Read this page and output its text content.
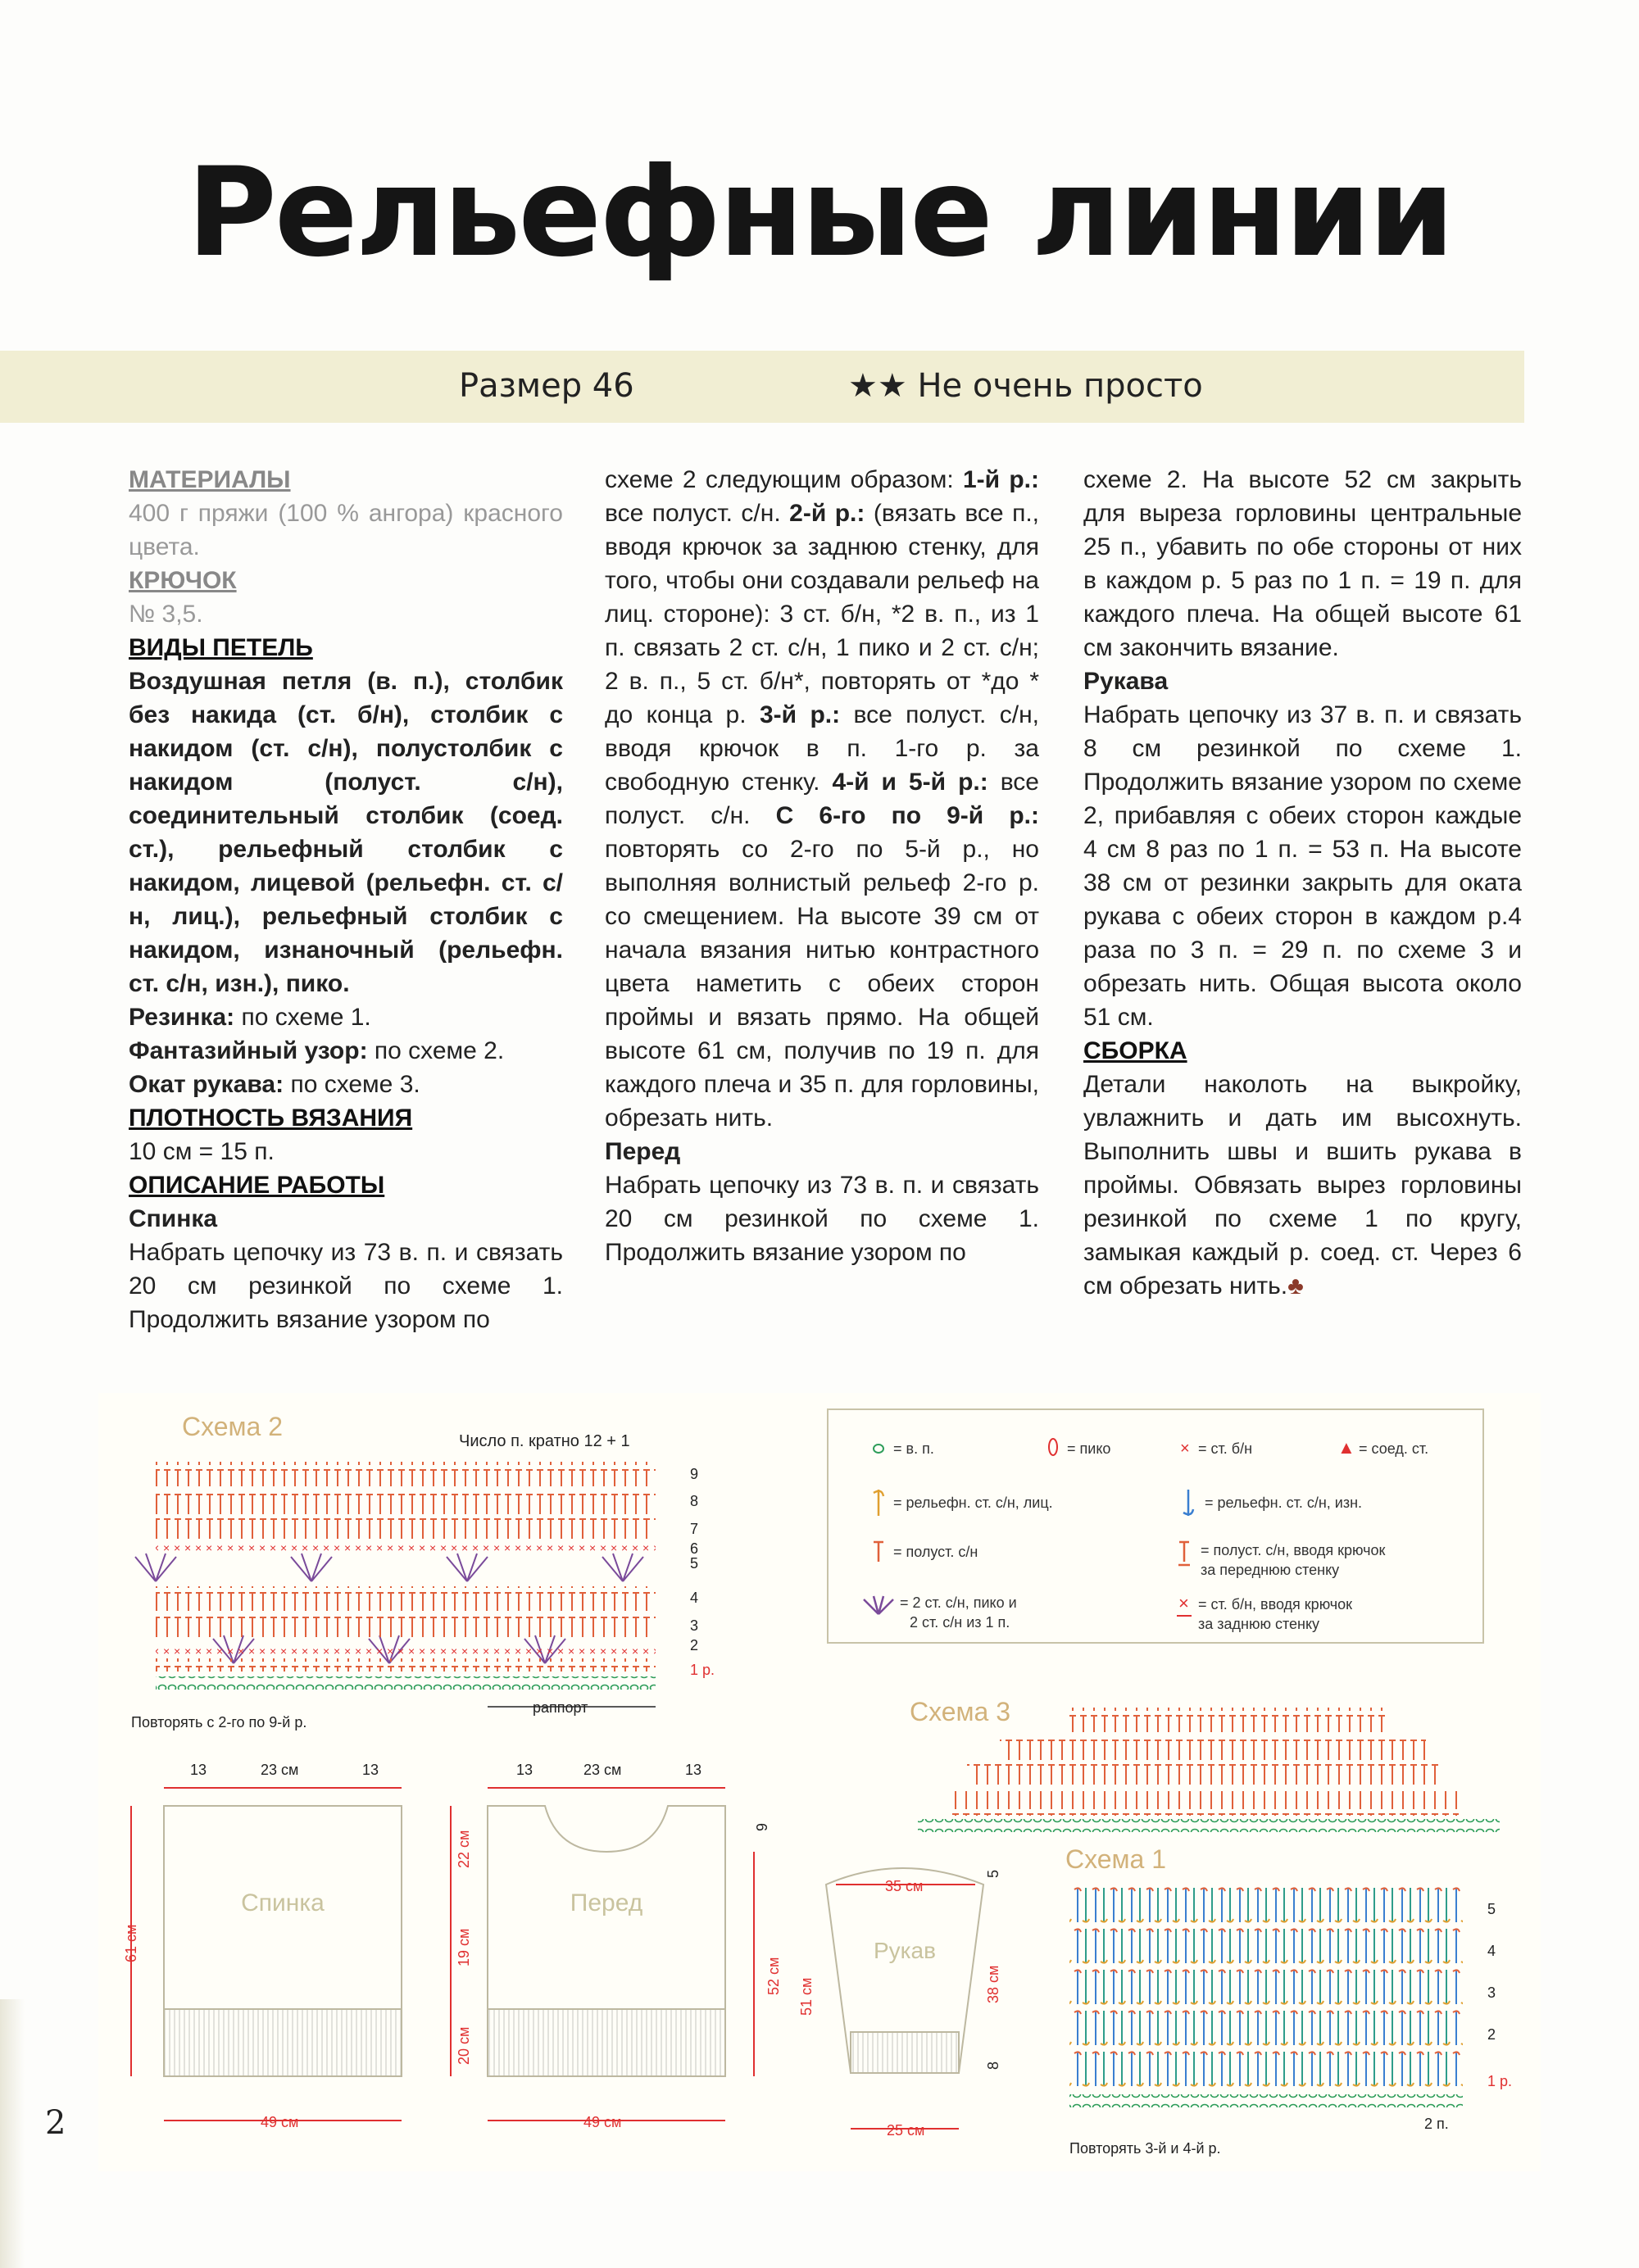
Рельефные линии
Размер 46	★★ Не очень просто

МАТЕРИАЛЫ

400 г пряжи (100 % ангора) красного цвета.

КРЮЧОК

№ 3,5.

ВИДЫ ПЕТЕЛЬ

Воздушная петля (в. п.), столбик без накида (ст. б/н), столбик с накидом (ст. с/н), полустолбик с накидом (полуст. с/н), соединительный столбик (соед. ст.), рельефный столбик с накидом, лицевой (рельефн. ст. с/н, лиц.), рельефный столбик с накидом, изнаночный (рельефн. ст. с/н, изн.), пико.

Резинка: по схеме 1.

Фантазийный узор: по схеме 2.

Окат рукава: по схеме 3.

ПЛОТНОСТЬ ВЯЗАНИЯ

10 см = 15 п.

ОПИСАНИЕ РАБОТЫ

Спинка

Набрать цепочку из 73 в. п. и связать 20 см резинкой по схеме 1. Продолжить вязание узором по

схеме 2 следующим образом: 1-й р.: все полуст. с/н. 2-й р.: (вязать все п., вводя крючок за заднюю стенку, для того, чтобы они создавали рельеф на лиц. стороне): 3 ст. б/н, *2 в. п., из 1 п. связать 2 ст. с/н, 1 пико и 2 ст. с/н; 2 в. п., 5 ст. б/н*, повторять от *до * до конца р. 3-й р.: все полуст. с/н, вводя крючок в п. 1-го р. за свободную стенку. 4-й и 5-й р.: все полуст. с/н. С 6-го по 9-й р.: повторять со 2-го по 5-й р., но выполняя волнистый рельеф 2-го р. со смещением. На высоте 39 см от начала вязания нитью контрастного цвета наметить с обеих сторон проймы и вязать прямо. На общей высоте 61 см, получив по 19 п. для каждого плеча и 35 п. для горловины, обрезать нить.

Перед

Набрать цепочку из 73 в. п. и связать 20 см резинкой по схеме 1. Продолжить вязание узором по

схеме 2. На высоте 52 см закрыть для выреза горловины центральные 25 п., убавить по обе стороны от них в каждом р. 5 раз по 1 п. = 19 п. для каждого плеча. На общей высоте 61 см закончить вязание.

Рукава

Набрать цепочку из 37 в. п. и связать 8 см резинкой по схеме 1. Продолжить вязание узором по схеме 2, прибавляя с обеих сторон каждые 4 см 8 раз по 1 п. = 53 п. На высоте 38 см от резинки закрыть для оката рукава с обеих сторон в каждом р.4 раза по 3 п. = 29 п. по схеме 3 и обрезать нить. Общая высота около 51 см.

СБОРКА

Детали наколоть на выкройку, увлажнить и дать им высохнуть. Выполнить швы и вшить рукава в проймы. Обвязать вырез горловины резинкой по схеме 1 по кругу, замыкая каждый р. соед. ст. Через 6 см обрезать нить.♣

Схема 2	Число п. кратно 12 + 1
9
8
7
6
5
4
3
2
1 р.
раппорт
Повторять с 2-го по 9-й р.
= в. п.	= пико	× = ст. б/н	▲ = соед. ст.
= рельефн. ст. с/н, лиц.	= рельефн. ст. с/н, изн.
= полуст. с/н	= полуст. с/н, вводя крючок
за переднюю стенку
= 2 ст. с/н, пико и
2 ст. с/н из 1 п.
× = ст. б/н, вводя крючок
за заднюю стенку
Схема 3
13	23 см	13
Спинка
61 см
49 см
13	23 см	13
Перед
22 см
19 см
20 см
9
52 см
49 см
35 см
Рукав
51 см
5
38 см
8
25 см
Схема 1
5
4
3
2
1 р.
2 п.
Повторять 3-й и 4-й р.
2
